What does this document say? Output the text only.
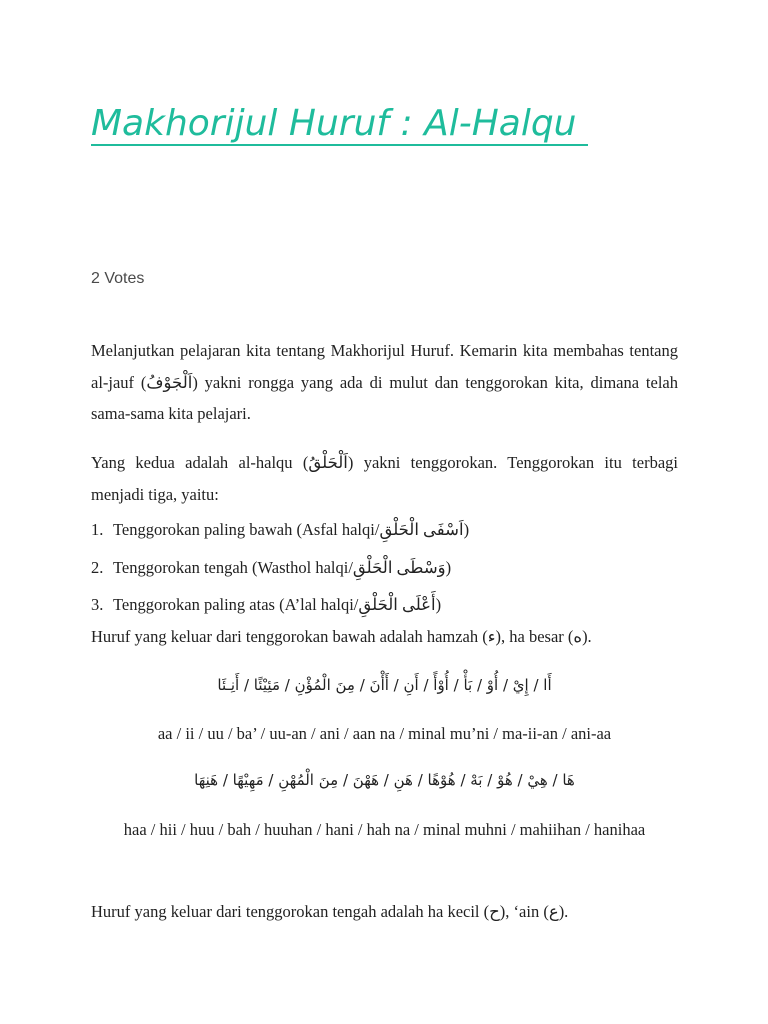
Makhorijul Huruf : Al-Halqu
2 Votes

Melanjutkan pelajaran kita tentang Makhorijul Huruf. Kemarin kita membahas tentang al-jauf (اَلْجَوْفُ) yakni rongga yang ada di mulut dan tenggorokan kita, dimana telah sama-sama kita pelajari.

Yang kedua adalah al-halqu (اَلْحَلْقُ) yakni tenggorokan. Tenggorokan itu terbagi menjadi tiga, yaitu:

1. Tenggorokan paling bawah (Asfal halqi/اَسْفَى الْحَلْقِ)
2. Tenggorokan tengah (Wasthol halqi/وَسْطَى الْحَلْقِ)
3. Tenggorokan paling atas (A’lal halqi/أَعْلَى الْحَلْقِ)
Huruf yang keluar dari tenggorokan bawah adalah hamzah (ء), ha besar (ه).
أَا / إِيْ / أُوْ / بَأْ / أُوْأً / أَنِ / أَأْنَ / مِنَ الْمُؤْنِ / مَئِيْئًا / أَنِـئَا
aa / ii / uu / ba’ / uu-an / ani / aan na / minal mu’ni / ma-ii-an / ani-aa
هَا / هِيْ / هُوْ / بَهْ / هُوْهًا / هَنِ / هَهْنَ / مِنَ الْمُهْنِ / مَهِيْهًا / هَنِهَا
haa / hii / huu / bah / huuhan / hani / hah na / minal muhni / mahiihan / hanihaa
Huruf yang keluar dari tenggorokan tengah adalah ha kecil (ح), ‘ain (ع).
